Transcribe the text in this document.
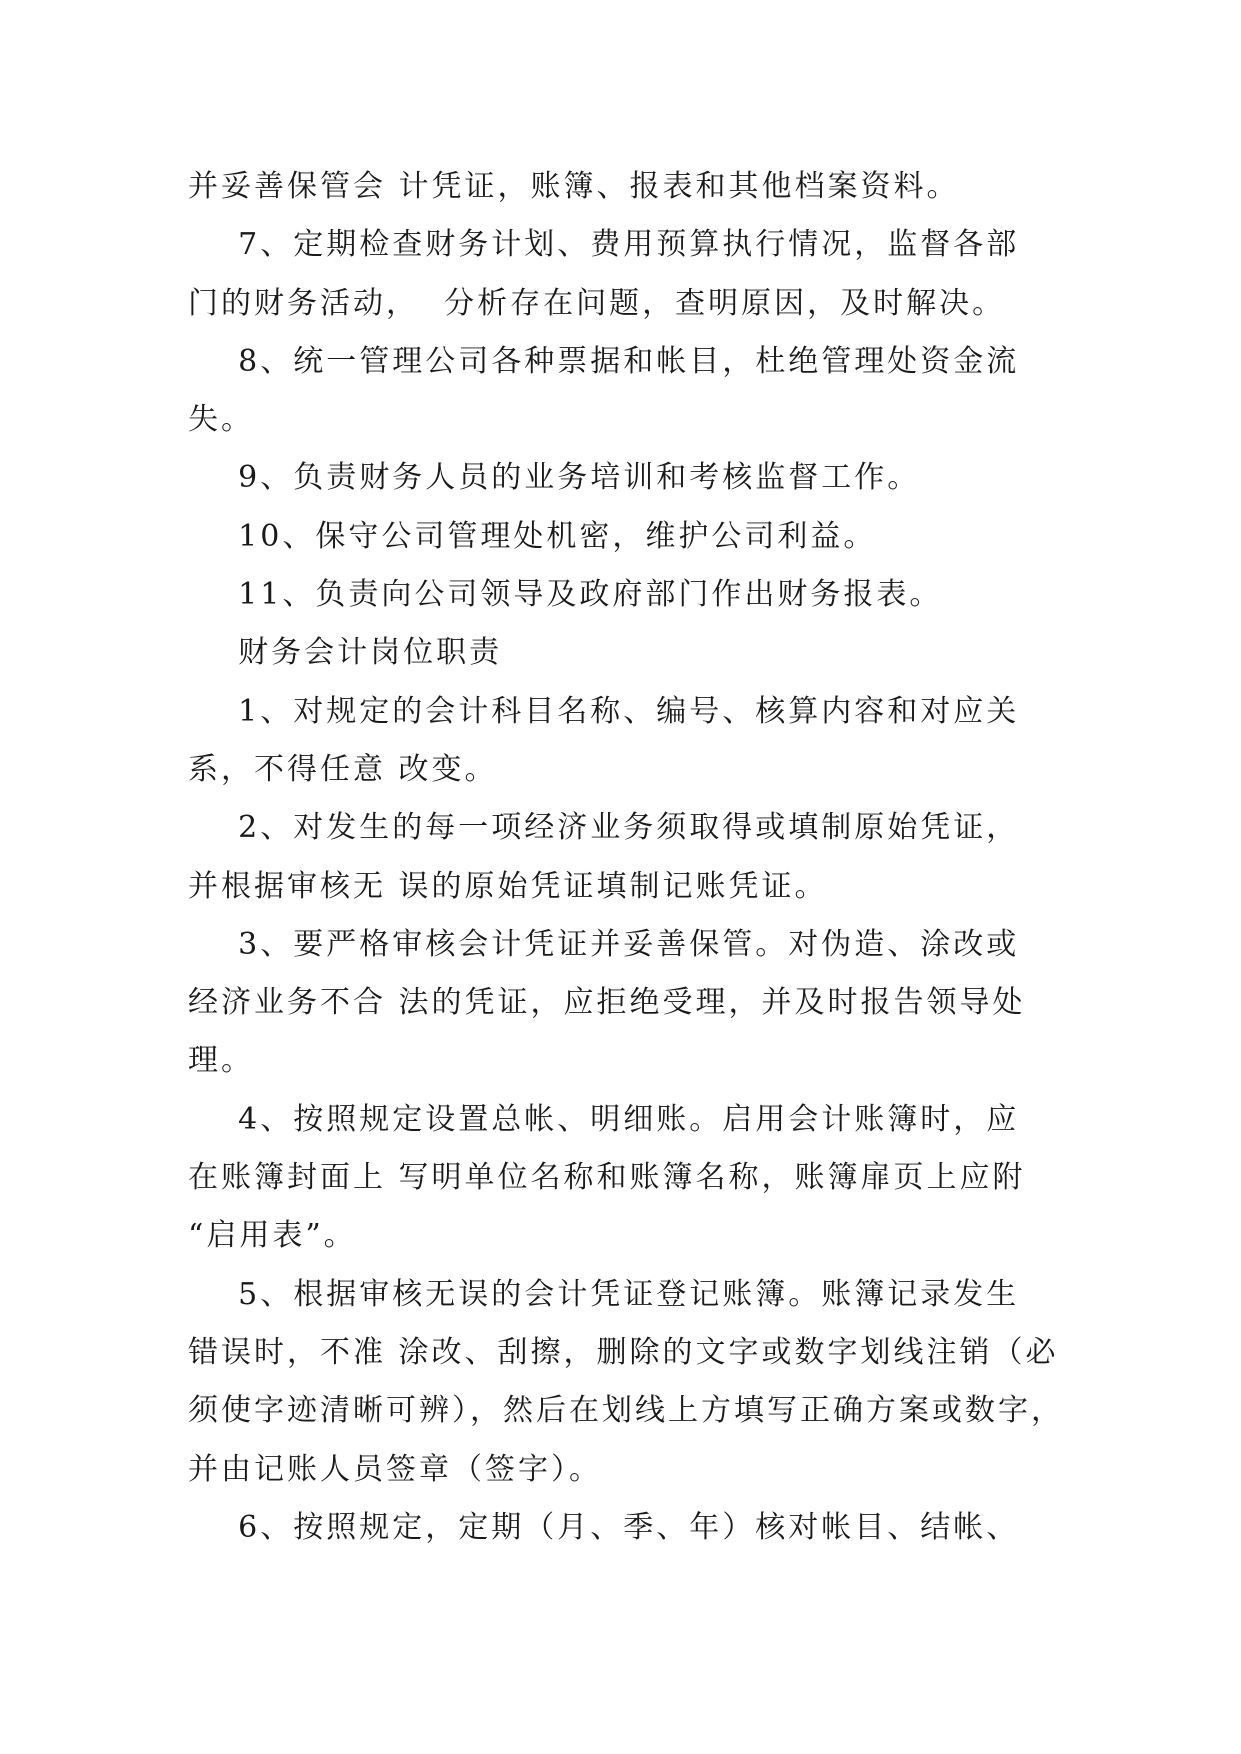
并妥善保管会 计凭证，账簿、报表和其他档案资料。

7、定期检查财务计划、费用预算执行情况，监督各部

门的财务活动，  分析存在问题，查明原因，及时解决。

8、统一管理公司各种票据和帐目，杜绝管理处资金流

失。

9、负责财务人员的业务培训和考核监督工作。

10、保守公司管理处机密，维护公司利益。

11、负责向公司领导及政府部门作出财务报表。

财务会计岗位职责

1、对规定的会计科目名称、编号、核算内容和对应关

系，不得任意 改变。

2、对发生的每一项经济业务须取得或填制原始凭证，

并根据审核无 误的原始凭证填制记账凭证。

3、要严格审核会计凭证并妥善保管。对伪造、涂改或

经济业务不合 法的凭证，应拒绝受理，并及时报告领导处

理。

4、按照规定设置总帐、明细账。启用会计账簿时，应

在账簿封面上 写明单位名称和账簿名称，账簿扉页上应附

“启用表”。

5、根据审核无误的会计凭证登记账簿。账簿记录发生

错误时，不准 涂改、刮擦，删除的文字或数字划线注销（必

须使字迹清晰可辨），然后在划线上方填写正确方案或数字，

并由记账人员签章（签字）。

6、按照规定，定期（月、季、年）核对帐目、结帐、
